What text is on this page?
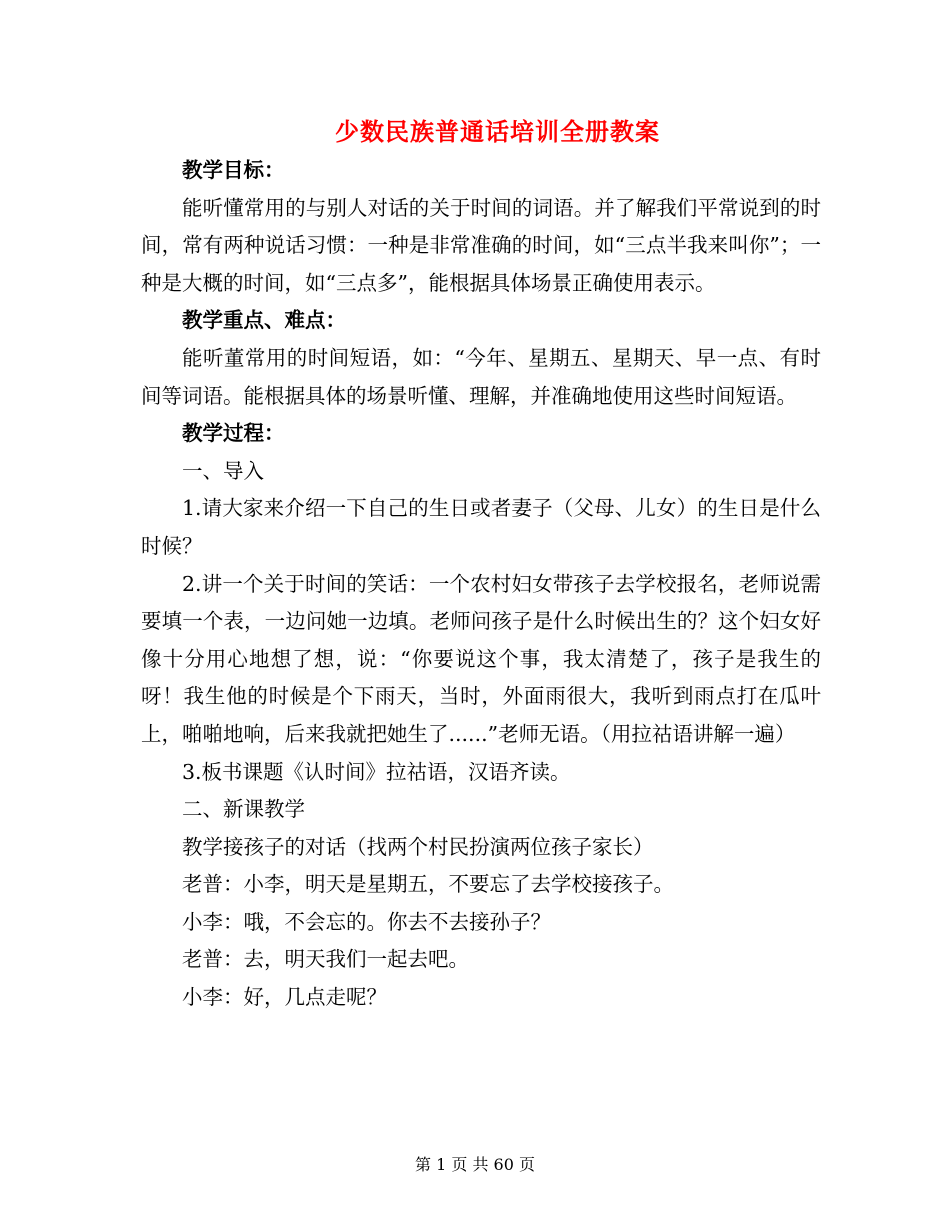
少数民族普通话培训全册教案

教学目标：

能听懂常用的与别人对话的关于时间的词语。并了解我们平常说到的时间，常有两种说话习惯：一种是非常准确的时间，如“三点半我来叫你”；一种是大概的时间，如“三点多”，能根据具体场景正确使用表示。

教学重点、难点：

能听董常用的时间短语，如：“今年、星期五、星期天、早一点、有时间等词语。能根据具体的场景听懂、理解，并准确地使用这些时间短语。

教学过程：

一、导入

1.请大家来介绍一下自己的生日或者妻子（父母、儿女）的生日是什么时候？

2.讲一个关于时间的笑话：一个农村妇女带孩子去学校报名，老师说需要填一个表，一边问她一边填。老师问孩子是什么时候出生的？这个妇女好像十分用心地想了想，说：“你要说这个事，我太清楚了，孩子是我生的呀！我生他的时候是个下雨天，当时，外面雨很大，我听到雨点打在瓜叶上，啪啪地响，后来我就把她生了......”老师无语。（用拉祜语讲解一遍）

3.板书课题《认时间》拉祜语，汉语齐读。

二、新课教学

教学接孩子的对话（找两个村民扮演两位孩子家长）

老普：小李，明天是星期五，不要忘了去学校接孩子。

小李：哦，不会忘的。你去不去接孙子？

老普：去，明天我们一起去吧。

小李：好，几点走呢？

第 1 页 共 60 页
